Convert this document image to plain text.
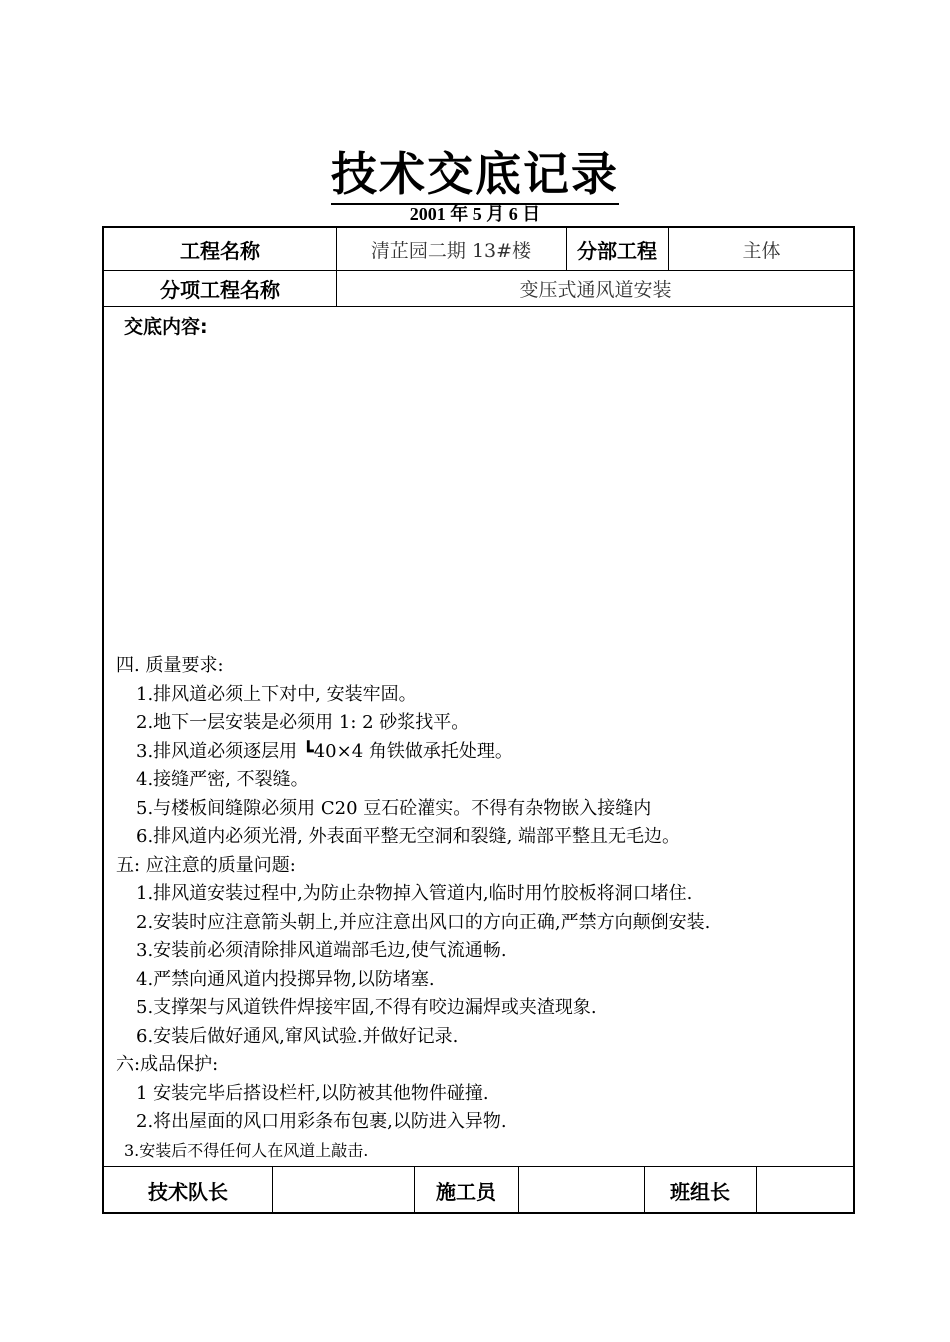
技术交底记录
2001 年 5 月 6 日
工程名称	清芷园二期 13#楼	分部工程	主体
分项工程名称	变压式通风道安装
交底内容:
四. 质量要求:
1.排风道必须上下对中, 安装牢固。
2.地下一层安装是必须用 1: 2 砂浆找平。
3.排风道必须逐层用 ┗40×4 角铁做承托处理。
4.接缝严密, 不裂缝。
5.与楼板间缝隙必须用 C20 豆石砼灌实。不得有杂物嵌入接缝内
6.排风道内必须光滑, 外表面平整无空洞和裂缝, 端部平整且无毛边。
五: 应注意的质量问题:
1.排风道安装过程中,为防止杂物掉入管道内,临时用竹胶板将洞口堵住.
2.安装时应注意箭头朝上,并应注意出风口的方向正确,严禁方向颠倒安装.
3.安装前必须清除排风道端部毛边,使气流通畅.
4.严禁向通风道内投掷异物,以防堵塞.
5.支撑架与风道铁件焊接牢固,不得有咬边漏焊或夹渣现象.
6.安装后做好通风,窜风试验.并做好记录.
六:成品保护:
1 安装完毕后搭设栏杆,以防被其他物件碰撞.
2.将出屋面的风口用彩条布包裹,以防进入异物.
3.安装后不得任何人在风道上敲击.
技术队长	施工员	班组长
